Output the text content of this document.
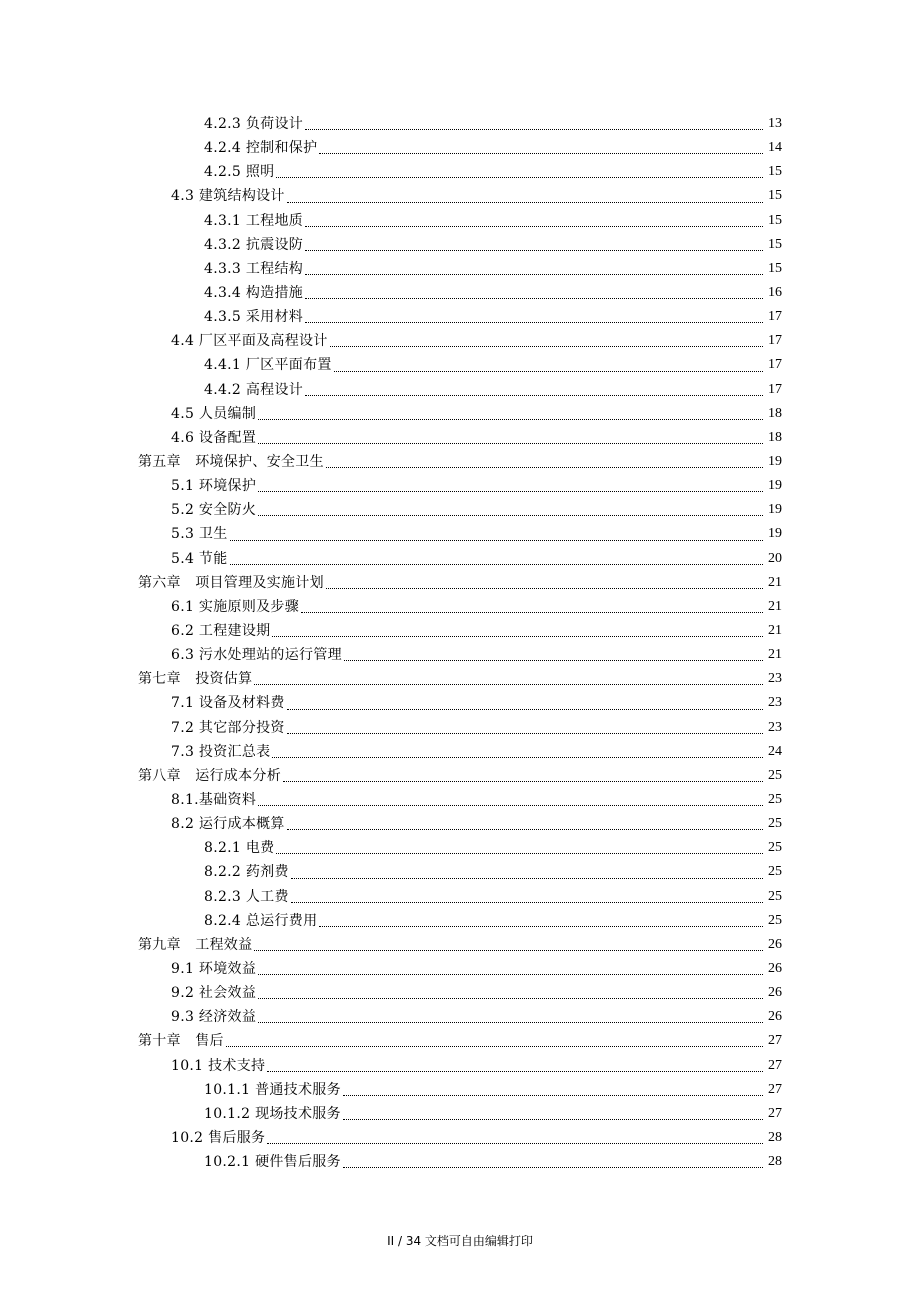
4.2.3 负荷设计	13
4.2.4 控制和保护	14
4.2.5 照明	15
4.3 建筑结构设计	15
4.3.1 工程地质	15
4.3.2 抗震设防	15
4.3.3 工程结构	15
4.3.4 构造措施	16
4.3.5 采用材料	17
4.4 厂区平面及高程设计	17
4.4.1 厂区平面布置	17
4.4.2 高程设计	17
4.5 人员编制	18
4.6 设备配置	18
第五章　环境保护、安全卫生	19
5.1 环境保护	19
5.2 安全防火	19
5.3 卫生	19
5.4 节能	20
第六章　项目管理及实施计划	21
6.1 实施原则及步骤	21
6.2 工程建设期	21
6.3 污水处理站的运行管理	21
第七章　投资估算	23
7.1 设备及材料费	23
7.2 其它部分投资	23
7.3 投资汇总表	24
第八章　运行成本分析	25
8.1.基础资料	25
8.2 运行成本概算	25
8.2.1 电费	25
8.2.2 药剂费	25
8.2.3 人工费	25
8.2.4 总运行费用	25
第九章　工程效益	26
9.1 环境效益	26
9.2 社会效益	26
9.3 经济效益	26
第十章　售后	27
10.1 技术支持	27
10.1.1 普通技术服务	27
10.1.2 现场技术服务	27
10.2 售后服务	28
10.2.1 硬件售后服务	28
II / 34 文档可自由编辑打印
